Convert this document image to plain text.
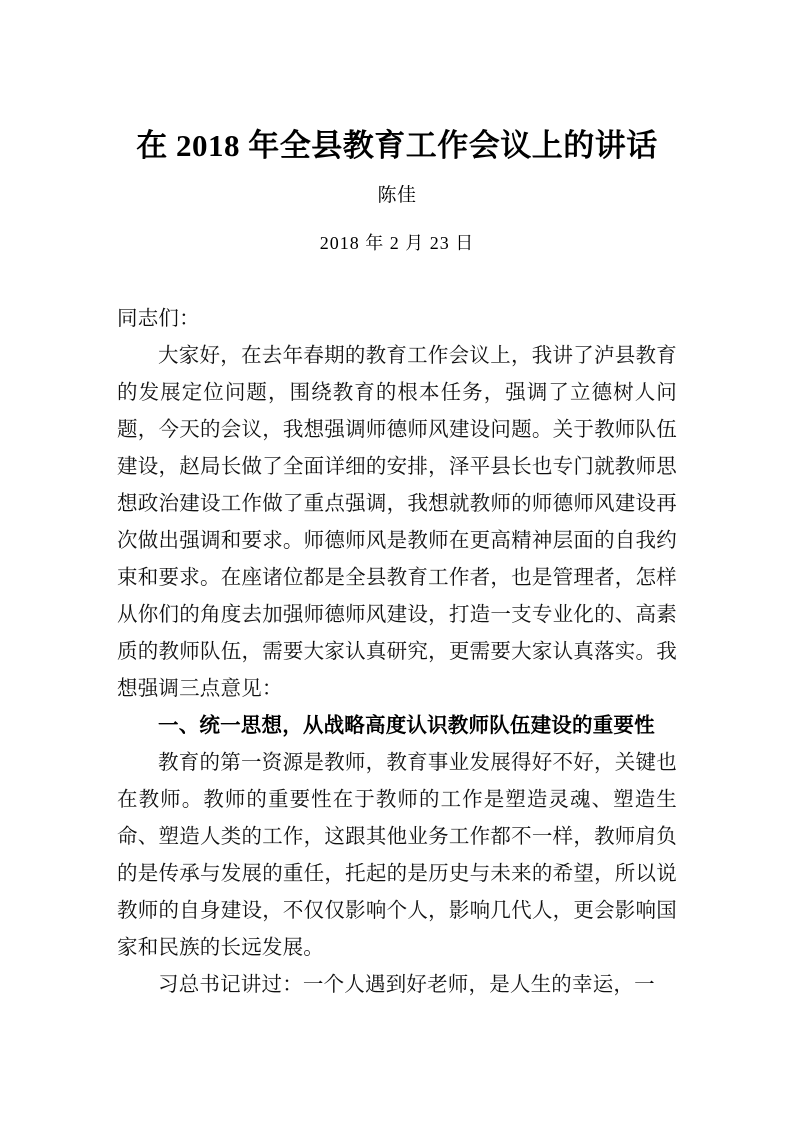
在 2018 年全县教育工作会议上的讲话
陈佳
2018 年 2 月 23 日

同志们：

大家好，在去年春期的教育工作会议上，我讲了泸县教育的发展定位问题，围绕教育的根本任务，强调了立德树人问题，今天的会议，我想强调师德师风建设问题。关于教师队伍建设，赵局长做了全面详细的安排，泽平县长也专门就教师思想政治建设工作做了重点强调，我想就教师的师德师风建设再次做出强调和要求。师德师风是教师在更高精神层面的自我约束和要求。在座诸位都是全县教育工作者，也是管理者，怎样从你们的角度去加强师德师风建设，打造一支专业化的、高素质的教师队伍，需要大家认真研究，更需要大家认真落实。我想强调三点意见：

一、统一思想，从战略高度认识教师队伍建设的重要性

教育的第一资源是教师，教育事业发展得好不好，关键也在教师。教师的重要性在于教师的工作是塑造灵魂、塑造生命、塑造人类的工作，这跟其他业务工作都不一样，教师肩负的是传承与发展的重任，托起的是历史与未来的希望，所以说教师的自身建设，不仅仅影响个人，影响几代人，更会影响国家和民族的长远发展。

习总书记讲过：一个人遇到好老师，是人生的幸运，一
